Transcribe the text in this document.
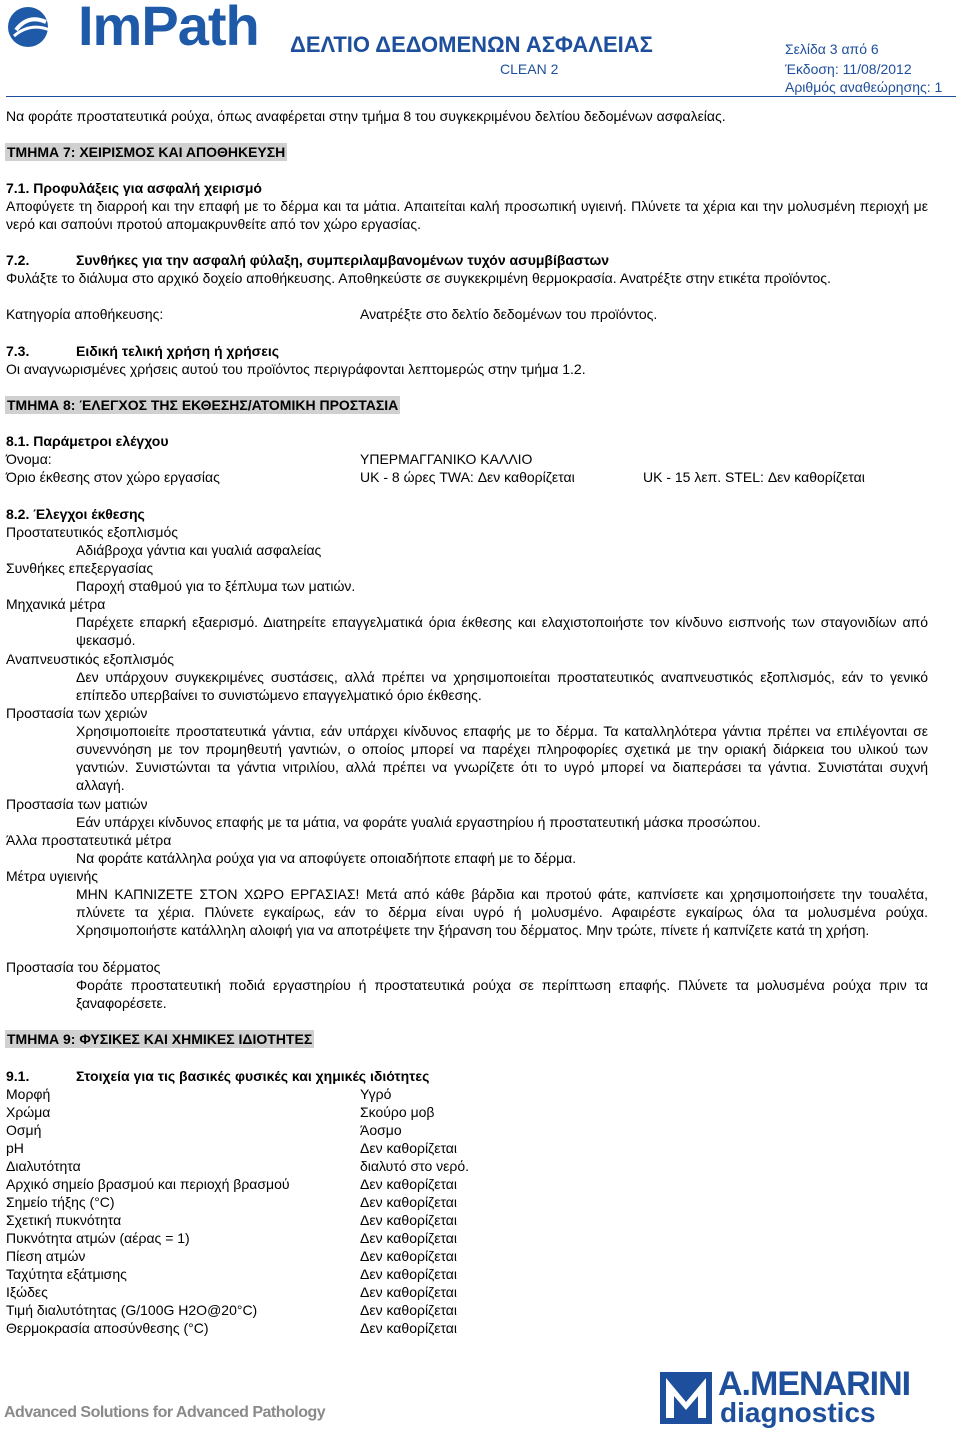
ImPath ΔΕΛΤΙΟ ΔΕΔΟΜΕΝΩΝ ΑΣΦΑΛΕΙΑΣ
CLEAN 2
Σελίδα 3 από 6
Έκδοση: 11/08/2012
Αριθμός αναθεώρησης: 1
Να φοράτε προστατευτικά ρούχα, όπως αναφέρεται στην τμήμα 8 του συγκεκριμένου δελτίου δεδομένων ασφαλείας.
ΤΜΗΜΑ 7: ΧΕΙΡΙΣΜΟΣ ΚΑΙ ΑΠΟΘΗΚΕΥΣΗ
7.1. Προφυλάξεις για ασφαλή χειρισμό
Αποφύγετε τη διαρροή και την επαφή με το δέρμα και τα μάτια. Απαιτείται καλή προσωπική υγιεινή. Πλύνετε τα χέρια και την μολυσμένη περιοχή με νερό και σαπούνι προτού απομακρυνθείτε από τον χώρο εργασίας.
7.2.	Συνθήκες για την ασφαλή φύλαξη, συμπεριλαμβανομένων τυχόν ασυμβίβαστων
Φυλάξτε το διάλυμα στο αρχικό δοχείο αποθήκευσης. Αποθηκεύστε σε συγκεκριμένη θερμοκρασία. Ανατρέξτε στην ετικέτα προϊόντος.
Κατηγορία αποθήκευσης:	Ανατρέξτε στο δελτίο δεδομένων του προϊόντος.
7.3.	Ειδική τελική χρήση ή χρήσεις
Οι αναγνωρισμένες χρήσεις αυτού του προϊόντος περιγράφονται λεπτομερώς στην τμήμα 1.2.
ΤΜΗΜΑ 8: ΈΛΕΓΧΟΣ ΤΗΣ ΕΚΘΕΣΗΣ/ΑΤΟΜΙΚΗ ΠΡΟΣΤΑΣΙΑ
8.1. Παράμετροι ελέγχου
Όνομα:	ΥΠΕΡΜΑΓΓΑΝΙΚΟ ΚΑΛΛΙΟ
Όριο έκθεσης στον χώρο εργασίας	UK - 8 ώρες TWA: Δεν καθορίζεται	UK - 15 λεπ. STEL: Δεν καθορίζεται
8.2. Έλεγχοι έκθεσης
Προστατευτικός εξοπλισμός
Αδιάβροχα γάντια και γυαλιά ασφαλείας
Συνθήκες επεξεργασίας
Παροχή σταθμού για το ξέπλυμα των ματιών.
Μηχανικά μέτρα
Παρέχετε επαρκή εξαερισμό. Διατηρείτε επαγγελματικά όρια έκθεσης και ελαχιστοποιήστε τον κίνδυνο εισπνοής των σταγονιδίων από ψεκασμό.
Αναπνευστικός εξοπλισμός
Δεν υπάρχουν συγκεκριμένες συστάσεις, αλλά πρέπει να χρησιμοποιείται προστατευτικός αναπνευστικός εξοπλισμός, εάν το γενικό επίπεδο υπερβαίνει το συνιστώμενο επαγγελματικό όριο έκθεσης.
Προστασία των χεριών
Χρησιμοποιείτε προστατευτικά γάντια, εάν υπάρχει κίνδυνος επαφής με το δέρμα. Τα καταλληλότερα γάντια πρέπει να επιλέγονται σε συνεννόηση με τον προμηθευτή γαντιών, ο οποίος μπορεί να παρέχει πληροφορίες σχετικά με την οριακή διάρκεια του υλικού των γαντιών. Συνιστώνται τα γάντια νιτριλίου, αλλά πρέπει να γνωρίζετε ότι το υγρό μπορεί να διαπεράσει τα γάντια. Συνιστάται συχνή αλλαγή.
Προστασία των ματιών
Εάν υπάρχει κίνδυνος επαφής με τα μάτια, να φοράτε γυαλιά εργαστηρίου ή προστατευτική μάσκα προσώπου.
Άλλα προστατευτικά μέτρα
Να φοράτε κατάλληλα ρούχα για να αποφύγετε οποιαδήποτε επαφή με το δέρμα.
Μέτρα υγιεινής
ΜΗΝ ΚΑΠΝΙΖΕΤΕ ΣΤΟΝ ΧΩΡΟ ΕΡΓΑΣΙΑΣ! Μετά από κάθε βάρδια και προτού φάτε, καπνίσετε και χρησιμοποιήσετε την τουαλέτα, πλύνετε τα χέρια. Πλύνετε εγκαίρως, εάν το δέρμα είναι υγρό ή μολυσμένο. Αφαιρέστε εγκαίρως όλα τα μολυσμένα ρούχα. Χρησιμοποιήστε κατάλληλη αλοιφή για να αποτρέψετε την ξήρανση του δέρματος. Μην τρώτε, πίνετε ή καπνίζετε κατά τη χρήση.
Προστασία του δέρματος
Φοράτε προστατευτική ποδιά εργαστηρίου ή προστατευτικά ρούχα σε περίπτωση επαφής. Πλύνετε τα μολυσμένα ρούχα πριν τα ξαναφορέσετε.
ΤΜΗΜΑ 9: ΦΥΣΙΚΕΣ ΚΑΙ ΧΗΜΙΚΕΣ ΙΔΙΟΤΗΤΕΣ
9.1.	Στοιχεία για τις βασικές φυσικές και χημικές ιδιότητες
Μορφή	Υγρό
Χρώμα	Σκούρο μοβ
Οσμή	Άοσμο
pH	Δεν καθορίζεται
Διαλυτότητα	διαλυτό στο νερό.
Αρχικό σημείο βρασμού και περιοχή βρασμού	Δεν καθορίζεται
Σημείο τήξης (°C)	Δεν καθορίζεται
Σχετική πυκνότητα	Δεν καθορίζεται
Πυκνότητα ατμών (αέρας = 1)	Δεν καθορίζεται
Πίεση ατμών	Δεν καθορίζεται
Ταχύτητα εξάτμισης	Δεν καθορίζεται
Ιξώδες	Δεν καθορίζεται
Τιμή διαλυτότητας (G/100G H2O@20°C)	Δεν καθορίζεται
Θερμοκρασία αποσύνθεσης (°C)	Δεν καθορίζεται
Advanced Solutions for Advanced Pathology
A.MENARINI
diagnostics
